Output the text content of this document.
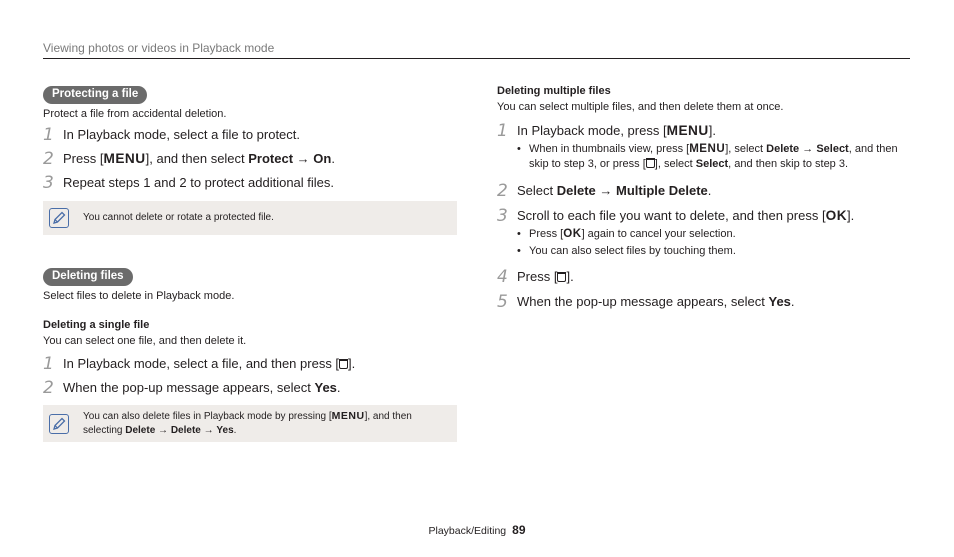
Viewing photos or videos in Playback mode
Protecting a file
Protect a file from accidental deletion.
1 In Playback mode, select a file to protect.
2 Press [MENU], and then select Protect → On.
3 Repeat steps 1 and 2 to protect additional files.
You cannot delete or rotate a protected file.
Deleting files
Select files to delete in Playback mode.
Deleting a single file
You can select one file, and then delete it.
1 In Playback mode, select a file, and then press [ ].
2 When the pop-up message appears, select Yes.
You can also delete files in Playback mode by pressing [MENU], and then selecting Delete → Delete → Yes.
Deleting multiple files
You can select multiple files, and then delete them at once.
1 In Playback mode, press [MENU].
• When in thumbnails view, press [MENU], select Delete → Select, and then skip to step 3, or press [ ], select Select, and then skip to step 3.
2 Select Delete → Multiple Delete.
3 Scroll to each file you want to delete, and then press [OK].
• Press [OK] again to cancel your selection.
• You can also select files by touching them.
4 Press [ ].
5 When the pop-up message appears, select Yes.
Playback/Editing 89
